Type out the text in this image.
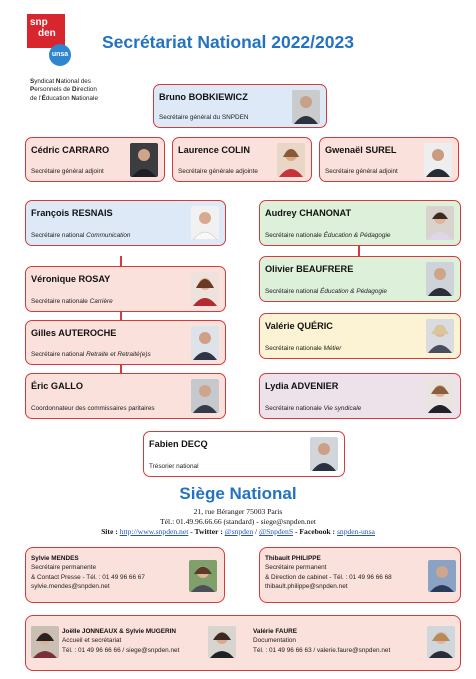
snp
den
unsa
Syndicat National des
Personnels de Direction
de l’Éducation Nationale
Secrétariat National 2022/2023
Bruno BOBKIEWICZ
Secrétaire général du SNPDEN
Cédric CARRARO
Secrétaire général adjoint
Laurence COLIN
Secrétaire générale adjointe
Gwenaël SUREL
Secrétaire général adjoint
François RESNAIS
Secrétaire national Communication
Audrey CHANONAT
Secrétaire nationale Éducation & Pédagogie
Olivier BEAUFRERE
Secrétaire national Éducation & Pédagogie
Véronique ROSAY
Secrétaire nationale Carrière
Gilles AUTEROCHE
Secrétaire national Retraite et Retraité(e)s
Valérie QUÉRIC
Secrétaire nationale Métier
Éric GALLO
Coordonnateur des commissaires paritaires
Lydia ADVENIER
Secrétaire nationale Vie syndicale
Fabien DECQ
Trésorier national
Siège National
21, rue Béranger 75003 Paris
Tél.: 01.49.96.66.66 (standard) - siege@snpden.net
Site : http://www.snpden.net - Twitter : @snpden / @SnpdenS - Facebook : snpden-unsa
Sylvie MENDES
Secrétaire permanente
& Contact Presse - Tél. : 01 49 96 66 67
sylvie.mendes@snpden.net
Thibault PHILIPPE
Secrétaire permanent
& Direction de cabinet - Tél. : 01 49 96 66 68
thibault.philippe@snpden.net
Joëlle JONNEAUX & Sylvie MUGERIN
Accueil et secrétariat
Tél. : 01 49 96 66 66 / siege@snpden.net
Valérie FAURE
Documentation
Tél. : 01 49 96 66 63 / valerie.faure@snpden.net
